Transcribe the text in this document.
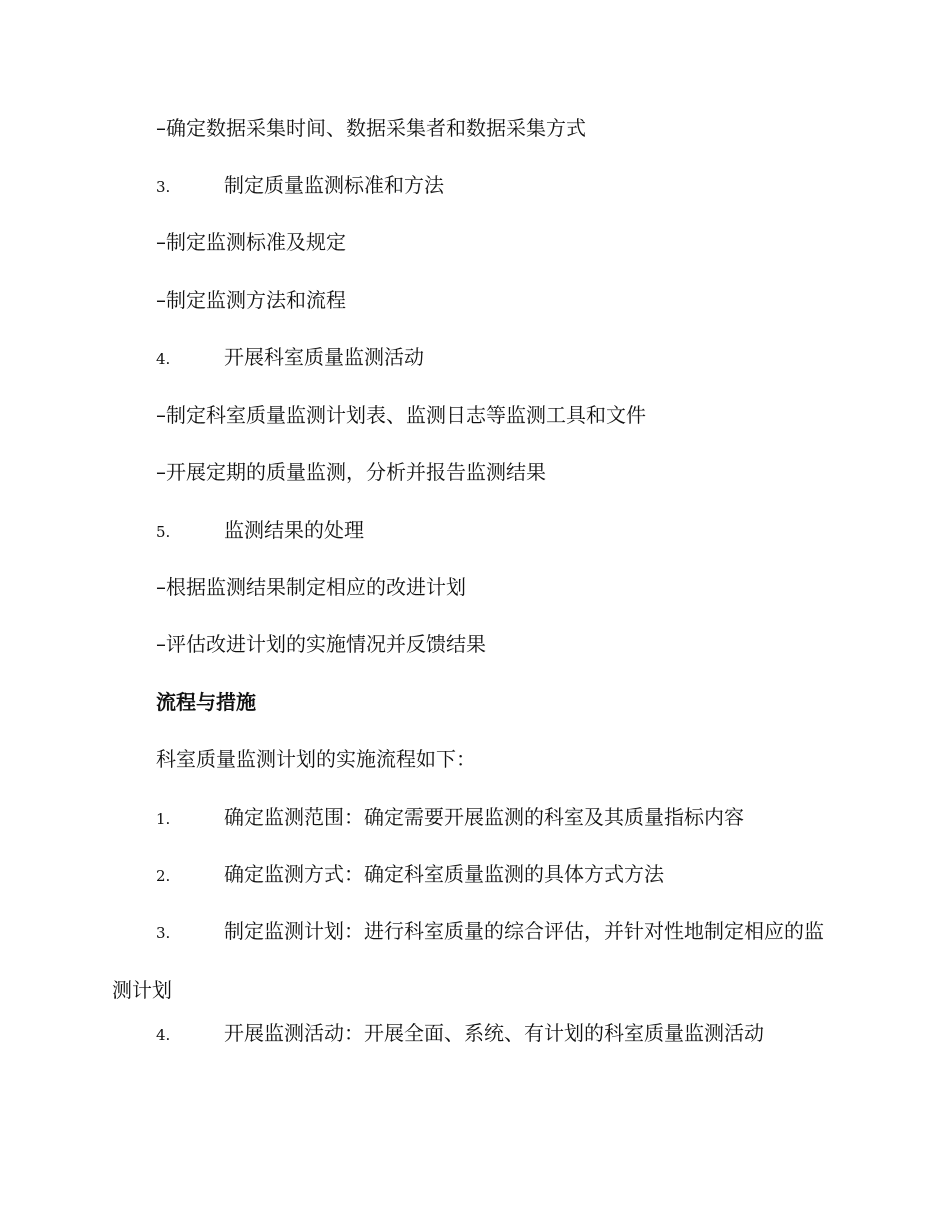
–确定数据采集时间、数据采集者和数据采集方式
3.	制定质量监测标准和方法
–制定监测标准及规定
–制定监测方法和流程
4.	开展科室质量监测活动
–制定科室质量监测计划表、监测日志等监测工具和文件
–开展定期的质量监测，分析并报告监测结果
5.	监测结果的处理
–根据监测结果制定相应的改进计划
–评估改进计划的实施情况并反馈结果
流程与措施
科室质量监测计划的实施流程如下：
1.	确定监测范围：确定需要开展监测的科室及其质量指标内容
2.	确定监测方式：确定科室质量监测的具体方式方法
3.	制定监测计划：进行科室质量的综合评估，并针对性地制定相应的监测计划
4.	开展监测活动：开展全面、系统、有计划的科室质量监测活动
